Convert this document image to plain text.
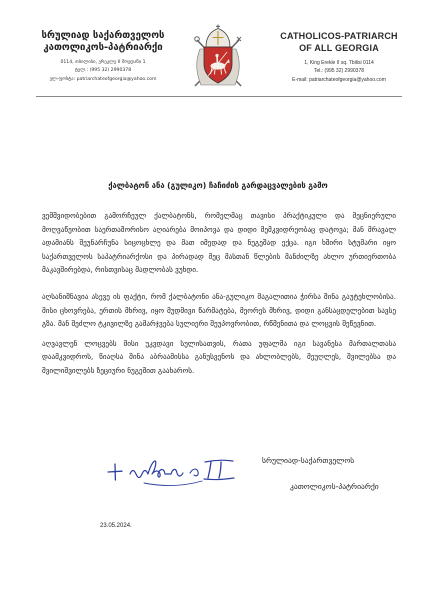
სრულიად საქართველოს
კათოლიკოს-პატრიარქი
0114, თბილისი, ერეკლე II მოედანი 1
ტელ.: (995 32) 2990378
ელ-ფოსტა: patriarchateofgeorgia@yahoo.com
CATHOLICOS-PATRIARCH
OF ALL GEORGIA
1, King Erekle II sq. Tbilisi 0114
Tel.: (995 32) 2990378
E-mail: patriarchateofgeorgia@yahoo.com
ქალბატონ ანა (გულიკო) ჩაჩიძის გარდაცვალების გამო

ვემშვიდობებით გამორჩეულ ქალბატონს, რომელმაც თავისი პრაქტიკული და მეცნიერული მოღვაწეობით საერთაშორისო აღიარება მოიპოვა და დიდი მემკვიდრეობაც დატოვა; მან მრავალ ადამიანს შეუნარჩუნა სიცოცხლე და მათ იმედად და ნუგეშად ექცა. იგი ხშირი სტუმარი იყო საქართველოს საპატრიარქოსი და პირადად მეც მასთან წლების მანძილზე ახლო ურთიერთობა მაკავშირებდა, რისთვისაც მადლობას ვუხდი.

აღსანიშნავია ასევე ის ფაქტი, რომ ქალბატონი ანა-გულიკო მაგალითია ჭირსა შინა გაუტეხლობისა. მისი ცხოვრება, ერთის მხრივ, იყო მუდმივი წარმატება, მეორეს მხრივ, დიდი განსაცდელებით სავსე გზა. მან შეძლო ტკივილზე გამარჯვება სულიერი შეუპოვრობით, რწმენითა და ლოცვის შეწევნით.

აღვავლენ ლოცვებს მისი უკვდავი სულისათვის, რათა უფალმა იგი სავანესა მართალთასა დაამკვიდროს, წიაღსა შინა აბრაამისსა განუსვენოს და ახლობლებს, მეუღლეს, შვილებსა და შვილიშვილებს ზეციური ნუგეშით გაახაროს.

სრულიად-საქართველოს
კათოლიკოს-პატრიარქი
23.05.2024.
